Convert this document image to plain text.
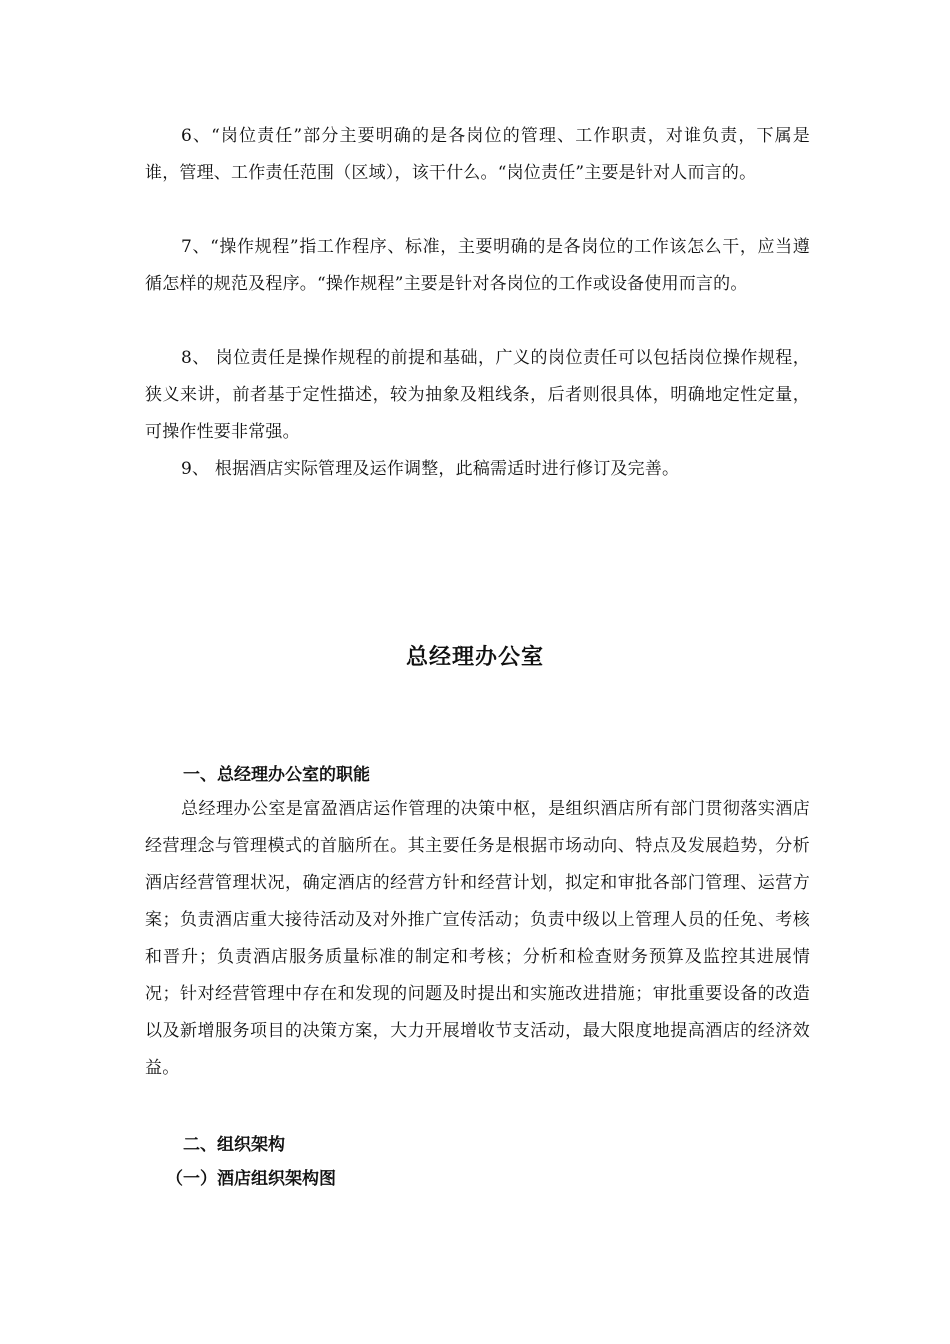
6、“岗位责任”部分主要明确的是各岗位的管理、工作职责，对谁负责，下属是谁，管理、工作责任范围（区域），该干什么。“岗位责任”主要是针对人而言的。

7、“操作规程”指工作程序、标准，主要明确的是各岗位的工作该怎么干，应当遵循怎样的规范及程序。“操作规程”主要是针对各岗位的工作或设备使用而言的。

8、 岗位责任是操作规程的前提和基础，广义的岗位责任可以包括岗位操作规程，狭义来讲，前者基于定性描述，较为抽象及粗线条，后者则很具体，明确地定性定量，可操作性要非常强。

9、 根据酒店实际管理及运作调整，此稿需适时进行修订及完善。

总经理办公室
一、总经理办公室的职能

总经理办公室是富盈酒店运作管理的决策中枢，是组织酒店所有部门贯彻落实酒店经营理念与管理模式的首脑所在。其主要任务是根据市场动向、特点及发展趋势，分析酒店经营管理状况，确定酒店的经营方针和经营计划，拟定和审批各部门管理、运营方案；负责酒店重大接待活动及对外推广宣传活动；负责中级以上管理人员的任免、考核和晋升；负责酒店服务质量标准的制定和考核；分析和检查财务预算及监控其进展情况；针对经营管理中存在和发现的问题及时提出和实施改进措施；审批重要设备的改造以及新增服务项目的决策方案，大力开展增收节支活动，最大限度地提高酒店的经济效益。

二、组织架构
（一）酒店组织架构图
